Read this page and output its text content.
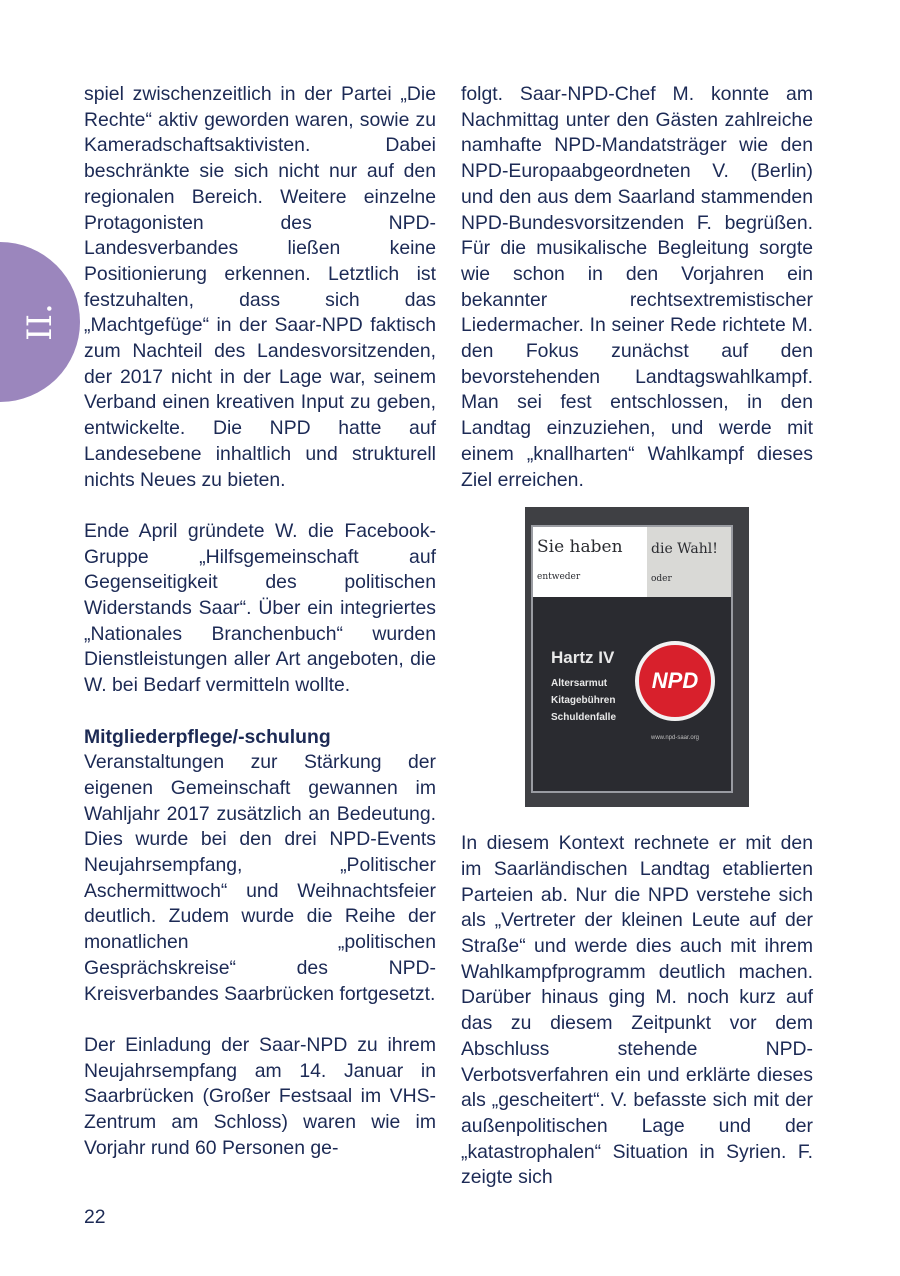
II.

spiel zwischenzeitlich in der Partei „Die Rechte“ aktiv geworden waren, sowie zu Kameradschaftsaktivisten. Dabei beschränkte sie sich nicht nur auf den regionalen Bereich. Weitere einzelne Protagonisten des NPD-Landesverbandes ließen keine Positionierung erkennen. Letztlich ist festzuhalten, dass sich das „Machtgefüge“ in der Saar-NPD faktisch zum Nachteil des Landesvorsitzenden, der 2017 nicht in der Lage war, seinem Verband einen kreativen Input zu geben, entwickelte. Die NPD hatte auf Landesebene inhaltlich und strukturell nichts Neues zu bieten.

Ende April gründete W. die Facebook-Gruppe „Hilfsgemeinschaft auf Gegenseitigkeit des politischen Widerstands Saar“. Über ein integriertes „Nationales Branchenbuch“ wurden Dienstleistungen aller Art angeboten, die W. bei Bedarf vermitteln wollte.

Mitgliederpflege/-schulung

Veranstaltungen zur Stärkung der eigenen Gemeinschaft gewannen im Wahljahr 2017 zusätzlich an Bedeutung. Dies wurde bei den drei NPD-Events Neujahrsempfang, „Politischer Aschermittwoch“ und Weihnachtsfeier deutlich. Zudem wurde die Reihe der monatlichen „politischen Gesprächskreise“ des NPD-Kreisverbandes Saarbrücken fortgesetzt.

Der Einladung der Saar-NPD zu ihrem Neujahrsempfang am 14. Januar in Saarbrücken (Großer Festsaal im VHS-Zentrum am Schloss) waren wie im Vorjahr rund 60 Personen ge-

folgt. Saar-NPD-Chef M. konnte am Nachmittag unter den Gästen zahlreiche namhafte NPD-Mandatsträger wie den NPD-Europaabgeordneten V. (Berlin) und den aus dem Saarland stammenden NPD-Bundesvorsitzenden F. begrüßen. Für die musikalische Begleitung sorgte wie schon in den Vorjahren ein bekannter rechtsextremistischer Liedermacher. In seiner Rede richtete M. den Fokus zunächst auf den bevorstehenden Landtagswahlkampf. Man sei fest entschlossen, in den Landtag einzuziehen, und werde mit einem „knallharten“ Wahlkampf dieses Ziel erreichen.

Sie haben
entweder
die Wahl!
oder
Hartz IV
Altersarmut
Kitagebühren
Schuldenfalle
NPD
www.npd-saar.org

In diesem Kontext rechnete er mit den im Saarländischen Landtag etablierten Parteien ab. Nur die NPD verstehe sich als „Vertreter der kleinen Leute auf der Straße“ und werde dies auch mit ihrem Wahlkampfprogramm deutlich machen. Darüber hinaus ging M. noch kurz auf das zu diesem Zeitpunkt vor dem Abschluss stehende NPD-Verbotsverfahren ein und erklärte dieses als „gescheitert“. V. befasste sich mit der außenpolitischen Lage und der „katastrophalen“ Situation in Syrien. F. zeigte sich

22
